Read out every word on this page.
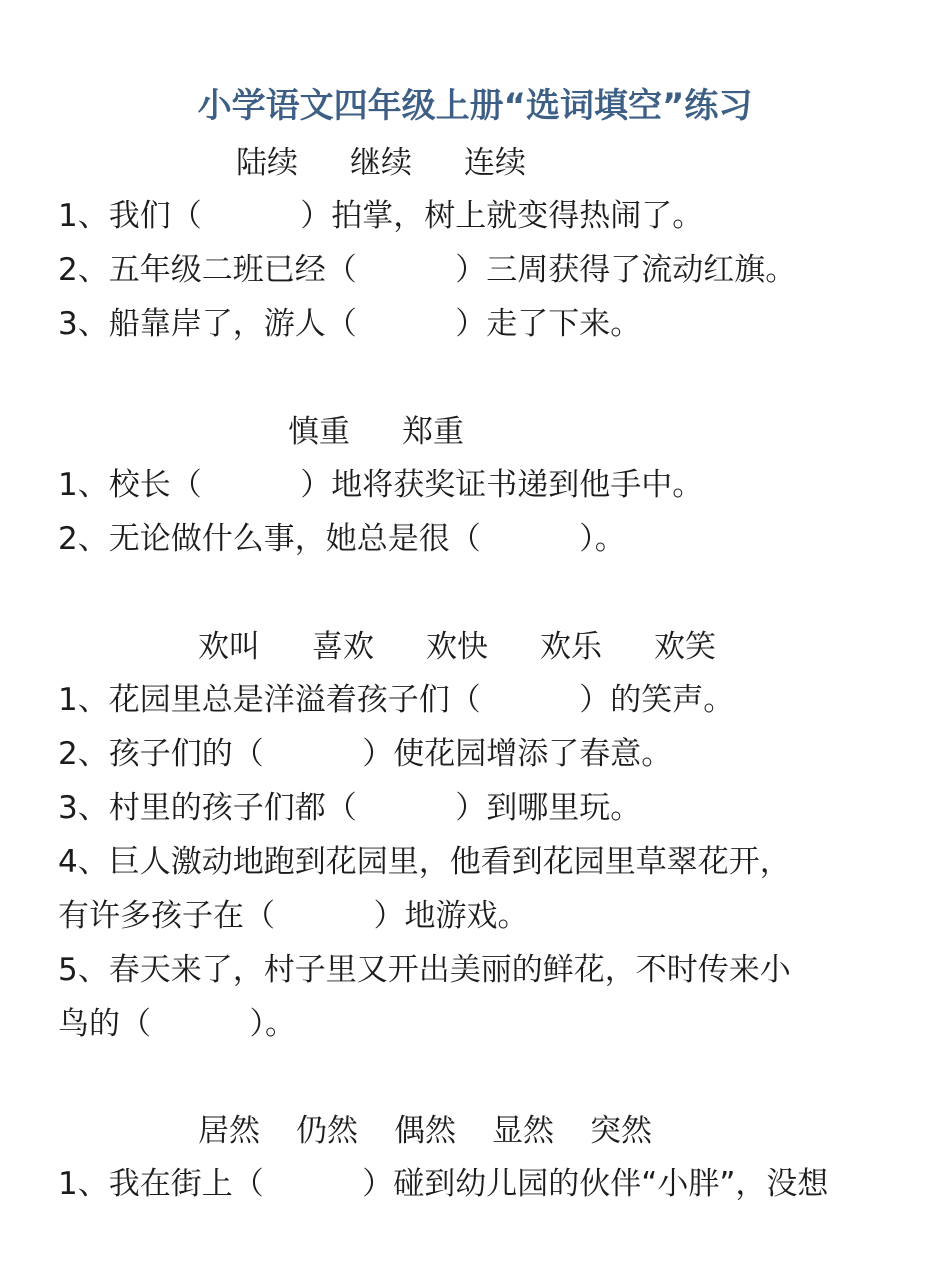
小学语文四年级上册“选词填空”练习
陆续 继续 连续
1、我们（          ）拍掌，树上就变得热闹了。
2、五年级二班已经（          ）三周获得了流动红旗。
3、船靠岸了，游人（          ）走了下来。
慎重 郑重
1、校长（          ）地将获奖证书递到他手中。
2、无论做什么事，她总是很（          ）。
欢叫 喜欢 欢快 欢乐 欢笑
1、花园里总是洋溢着孩子们（          ）的笑声。
2、孩子们的（          ）使花园增添了春意。
3、村里的孩子们都（          ）到哪里玩。
4、巨人激动地跑到花园里，他看到花园里草翠花开，
有许多孩子在（          ）地游戏。
5、春天来了，村子里又开出美丽的鲜花，不时传来小
鸟的（          ）。
居然 仍然 偶然 显然 突然
1、我在街上（          ）碰到幼儿园的伙伴“小胖”，没想
